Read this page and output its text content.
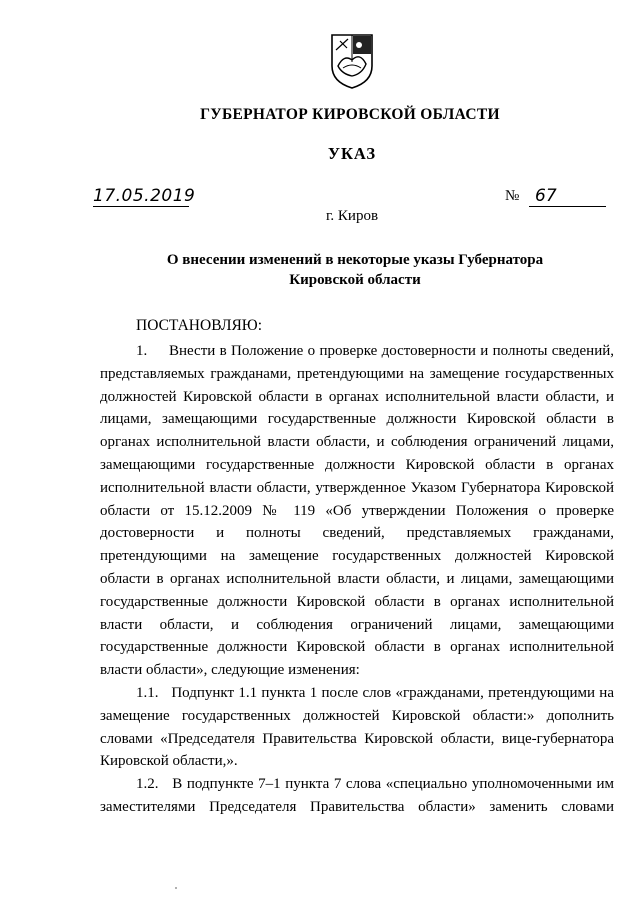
ГУБЕРНАТОР КИРОВСКОЙ ОБЛАСТИ
УКАЗ
17.05.2019	№ 67
г. Киров
О внесении изменений в некоторые указы Губернатора Кировской области
ПОСТАНОВЛЯЮ:

1.     Внести в Положение о проверке достоверности и полноты сведений, представляемых гражданами, претендующими на замещение государственных должностей Кировской области в органах исполнительной власти области, и лицами, замещающими государственные должности Кировской области в органах исполнительной власти области, и соблюдения ограничений лицами, замещающими государственные должности Кировской области в органах исполнительной власти области, утвержденное Указом Губернатора Кировской области от 15.12.2009 № 119 «Об утверждении Положения о проверке достоверности и полноты сведений, представляемых гражданами, претендующими на замещение государственных должностей Кировской области в органах исполнительной власти области, и лицами, замещающими государственные должности Кировской области в органах исполнительной власти области, и соблюдения ограничений лицами, замещающими государственные должности Кировской области в органах исполнительной власти области», следующие изменения:

1.1.   Подпункт 1.1 пункта 1 после слов «гражданами, претендующими на замещение государственных должностей Кировской области:» дополнить словами «Председателя Правительства Кировской области, вице-губернатора Кировской области,».

1.2.   В подпункте 7–1 пункта 7 слова «специально уполномоченными им заместителями Председателя Правительства области» заменить словами
